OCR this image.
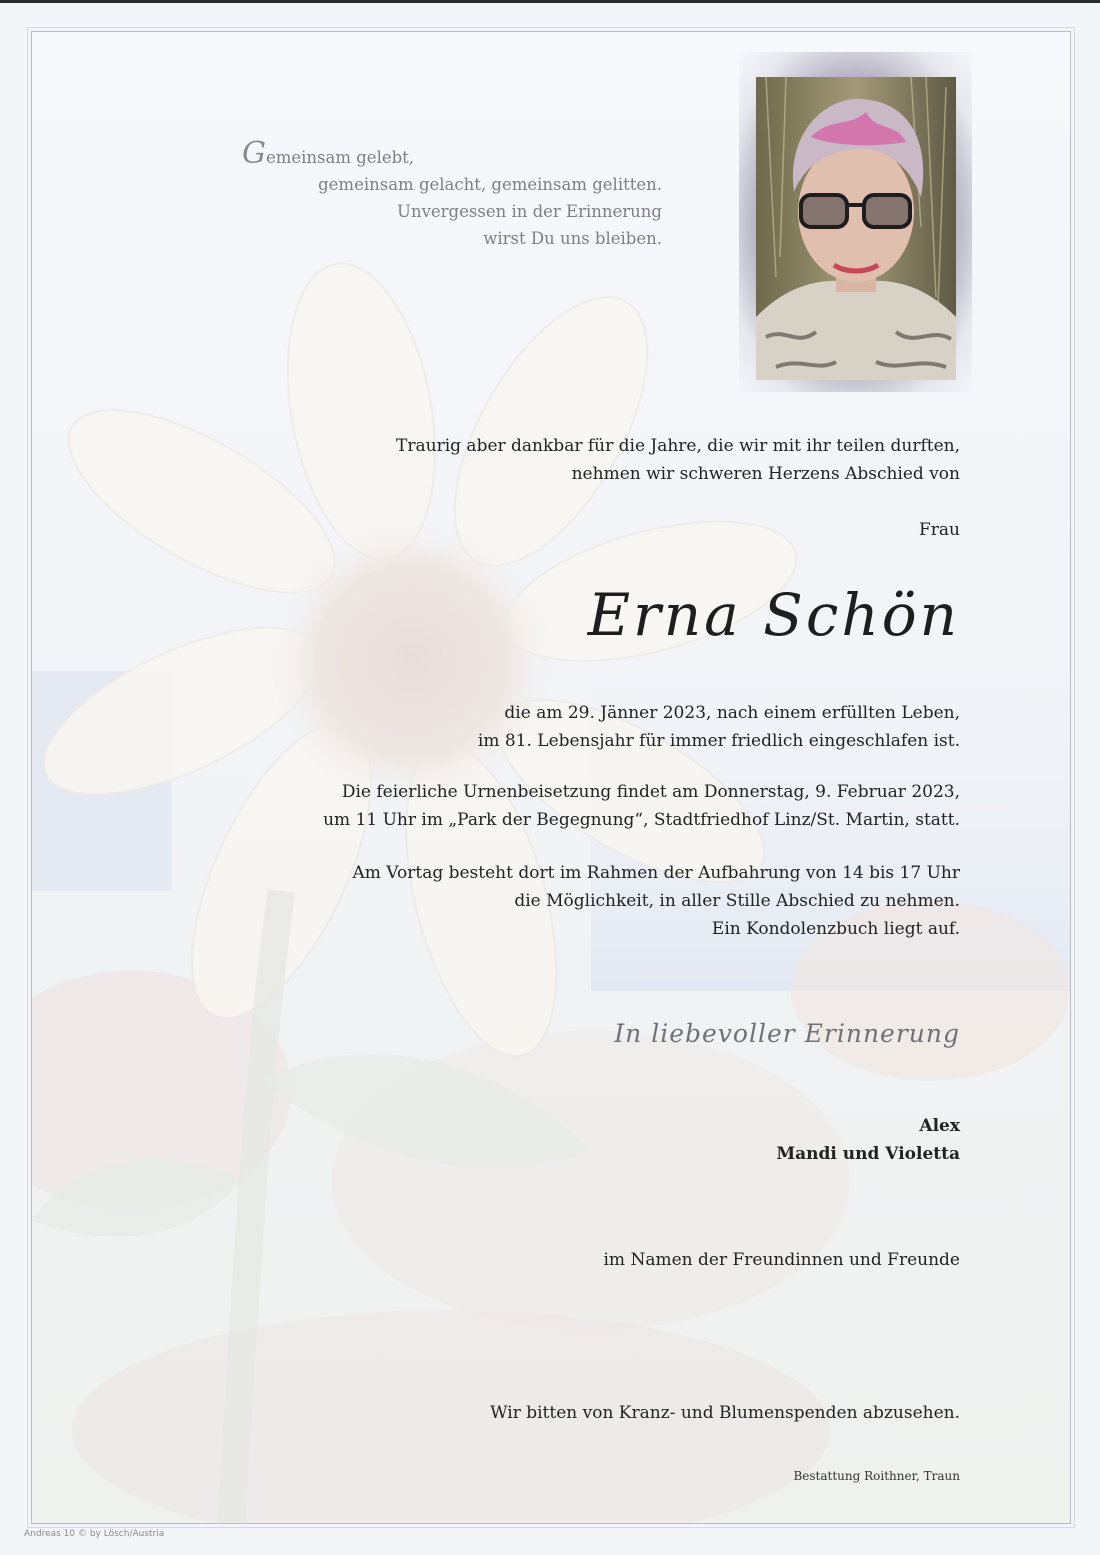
Gemeinsam gelebt,
gemeinsam gelacht, gemeinsam gelitten.
Unvergessen in der Erinnerung
wirst Du uns bleiben.
Traurig aber dankbar für die Jahre, die wir mit ihr teilen durften,
nehmen wir schweren Herzens Abschied von
Frau
Erna Schön
die am 29. Jänner 2023, nach einem erfüllten Leben,
im 81. Lebensjahr für immer friedlich eingeschlafen ist.
Die feierliche Urnenbeisetzung findet am Donnerstag, 9. Februar 2023,
um 11 Uhr im „Park der Begegnung“, Stadtfriedhof Linz/St. Martin, statt.
Am Vortag besteht dort im Rahmen der Aufbahrung von 14 bis 17 Uhr
die Möglichkeit, in aller Stille Abschied zu nehmen.
Ein Kondolenzbuch liegt auf.
In liebevoller Erinnerung
Alex
Mandi und Violetta
im Namen der Freundinnen und Freunde
Wir bitten von Kranz- und Blumenspenden abzusehen.
Bestattung Roithner, Traun
Andreas 10 © by Lösch/Austria
